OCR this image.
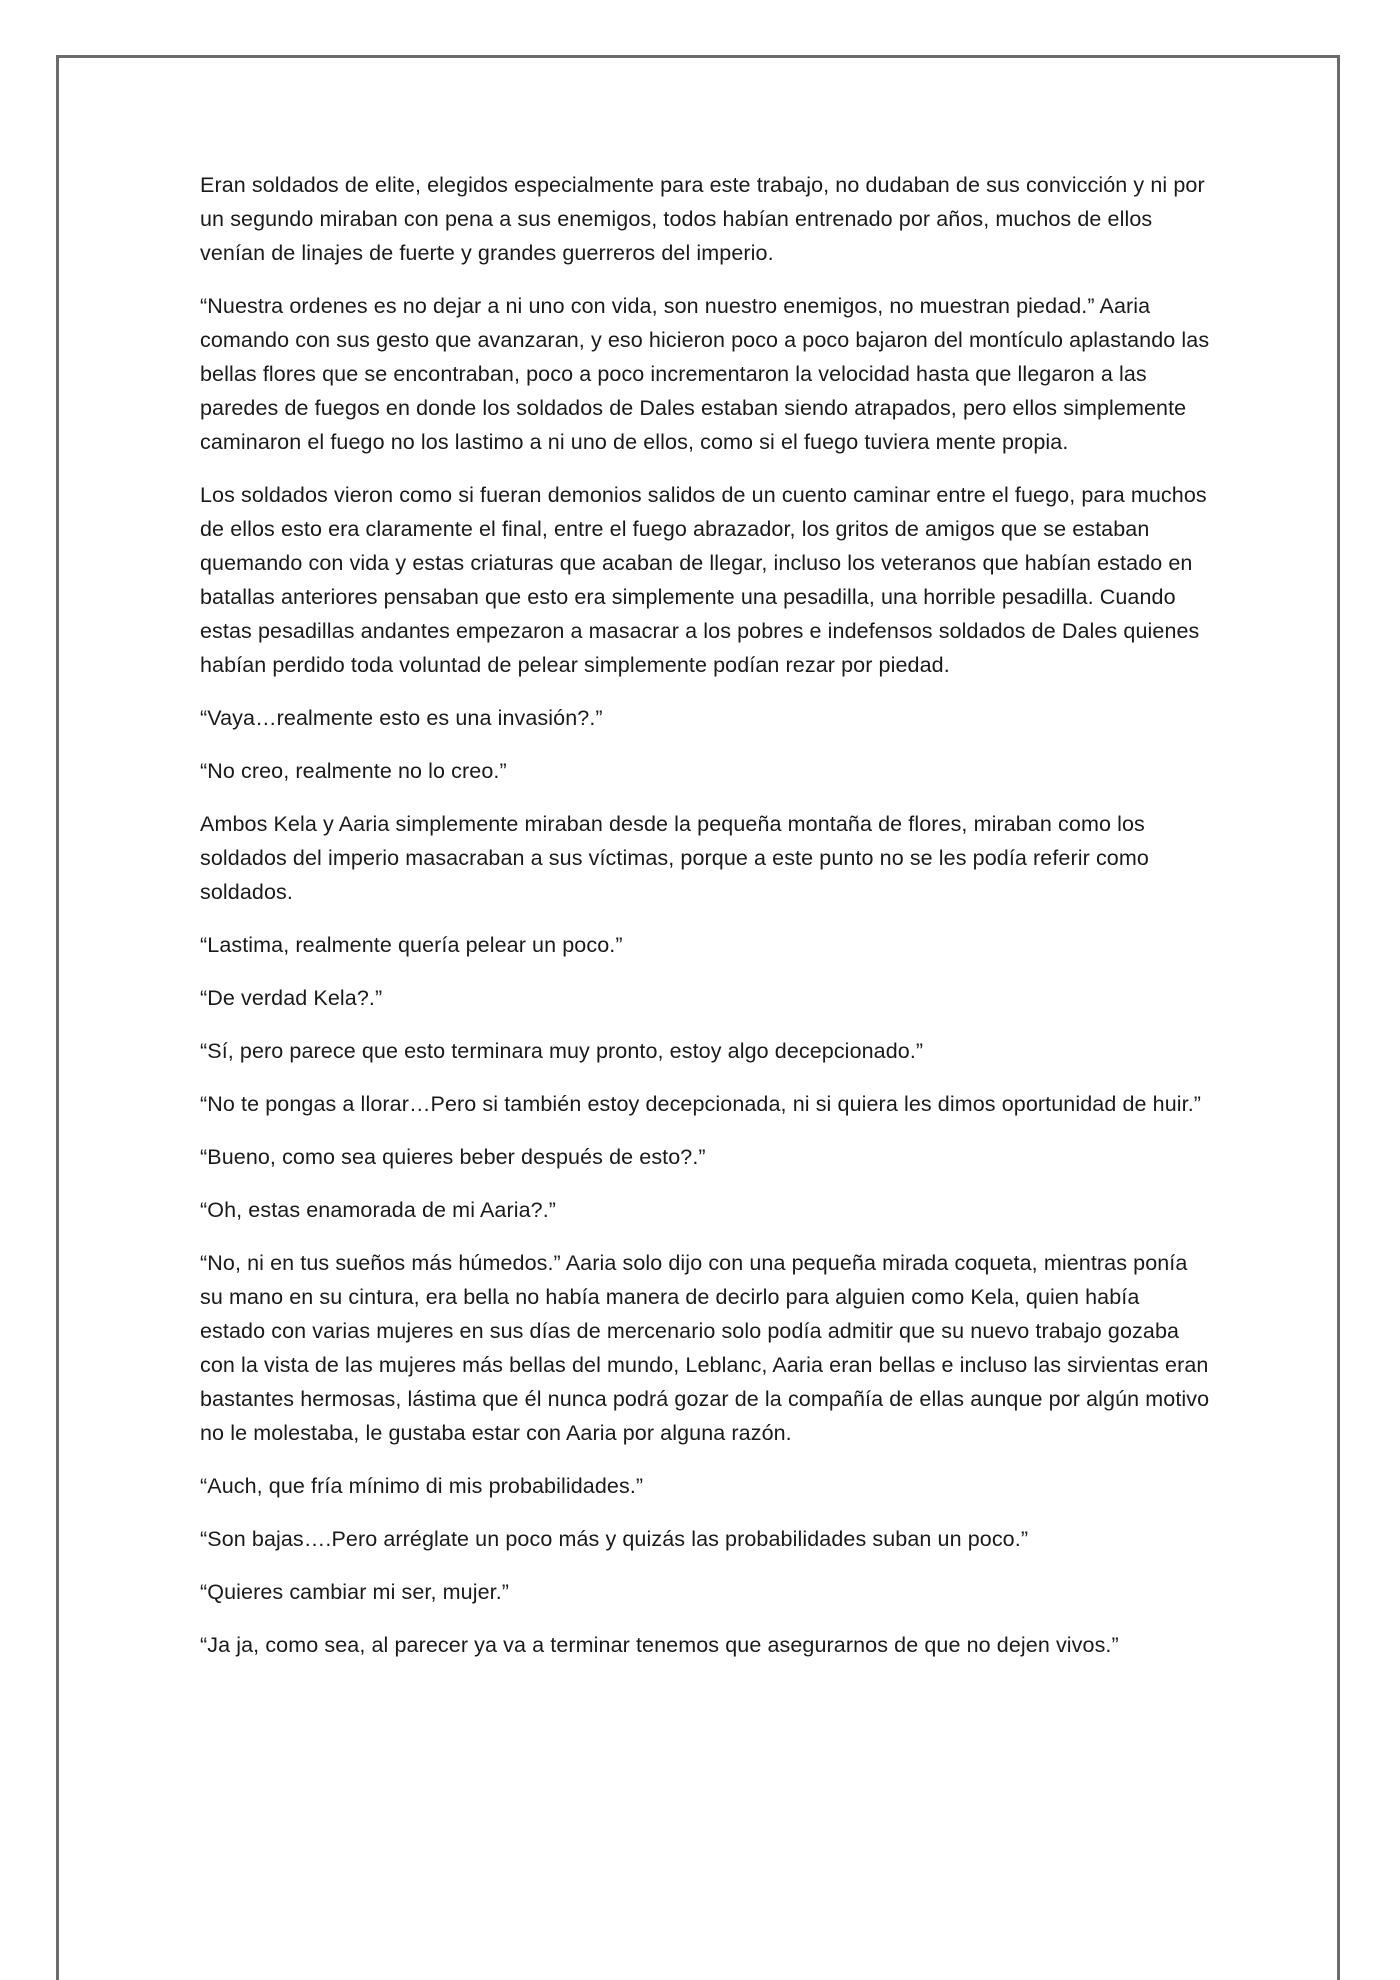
Eran soldados de elite, elegidos especialmente para este trabajo, no dudaban de sus convicción y ni por un segundo miraban con pena a sus enemigos, todos habían entrenado por años, muchos de ellos venían de linajes de fuerte y grandes guerreros del imperio.

“Nuestra ordenes es no dejar a ni uno con vida, son nuestro enemigos, no muestran piedad.” Aaria comando con sus gesto que avanzaran, y eso hicieron poco a poco bajaron del montículo aplastando las bellas flores que se encontraban, poco a poco incrementaron la velocidad hasta que llegaron a las paredes de fuegos en donde los soldados de Dales estaban siendo atrapados, pero ellos simplemente caminaron el fuego no los lastimo a ni uno de ellos, como si el fuego tuviera mente propia.

Los soldados vieron como si fueran demonios salidos de un cuento caminar entre el fuego, para muchos de ellos esto era claramente el final, entre el fuego abrazador, los gritos de amigos que se estaban quemando con vida y estas criaturas que acaban de llegar, incluso los veteranos que habían estado en batallas anteriores pensaban que esto era simplemente una pesadilla, una horrible pesadilla. Cuando estas pesadillas andantes empezaron a masacrar a los pobres e indefensos soldados de Dales quienes habían perdido toda voluntad de pelear simplemente podían rezar por piedad.

“Vaya…realmente esto es una invasión?.”

“No creo, realmente no lo creo.”

Ambos Kela y Aaria simplemente miraban desde la pequeña montaña de flores, miraban como los soldados del imperio masacraban a sus víctimas, porque a este punto no se les podía referir como soldados.

“Lastima, realmente quería pelear un poco.”

“De verdad Kela?.”

“Sí, pero parece que esto terminara muy pronto, estoy algo decepcionado.”

“No te pongas a llorar…Pero si también estoy decepcionada, ni si quiera les dimos oportunidad de huir.”

“Bueno, como sea quieres beber después de esto?.”

“Oh, estas enamorada de mi Aaria?.”

“No, ni en tus sueños más húmedos.” Aaria solo dijo con una pequeña mirada coqueta, mientras ponía su mano en su cintura, era bella no había manera de decirlo para alguien como Kela, quien había estado con varias mujeres en sus días de mercenario solo podía admitir que su nuevo trabajo gozaba con la vista de las mujeres más bellas del mundo, Leblanc, Aaria eran bellas e incluso las sirvientas eran bastantes hermosas, lástima que él nunca podrá gozar de la compañía de ellas aunque por algún motivo no le molestaba, le gustaba estar con Aaria por alguna razón.

“Auch, que fría mínimo di mis probabilidades.”

“Son bajas….Pero arréglate un poco más y quizás las probabilidades suban un poco.”

“Quieres cambiar mi ser, mujer.”

“Ja ja, como sea, al parecer ya va a terminar tenemos que asegurarnos de que no dejen vivos.”
